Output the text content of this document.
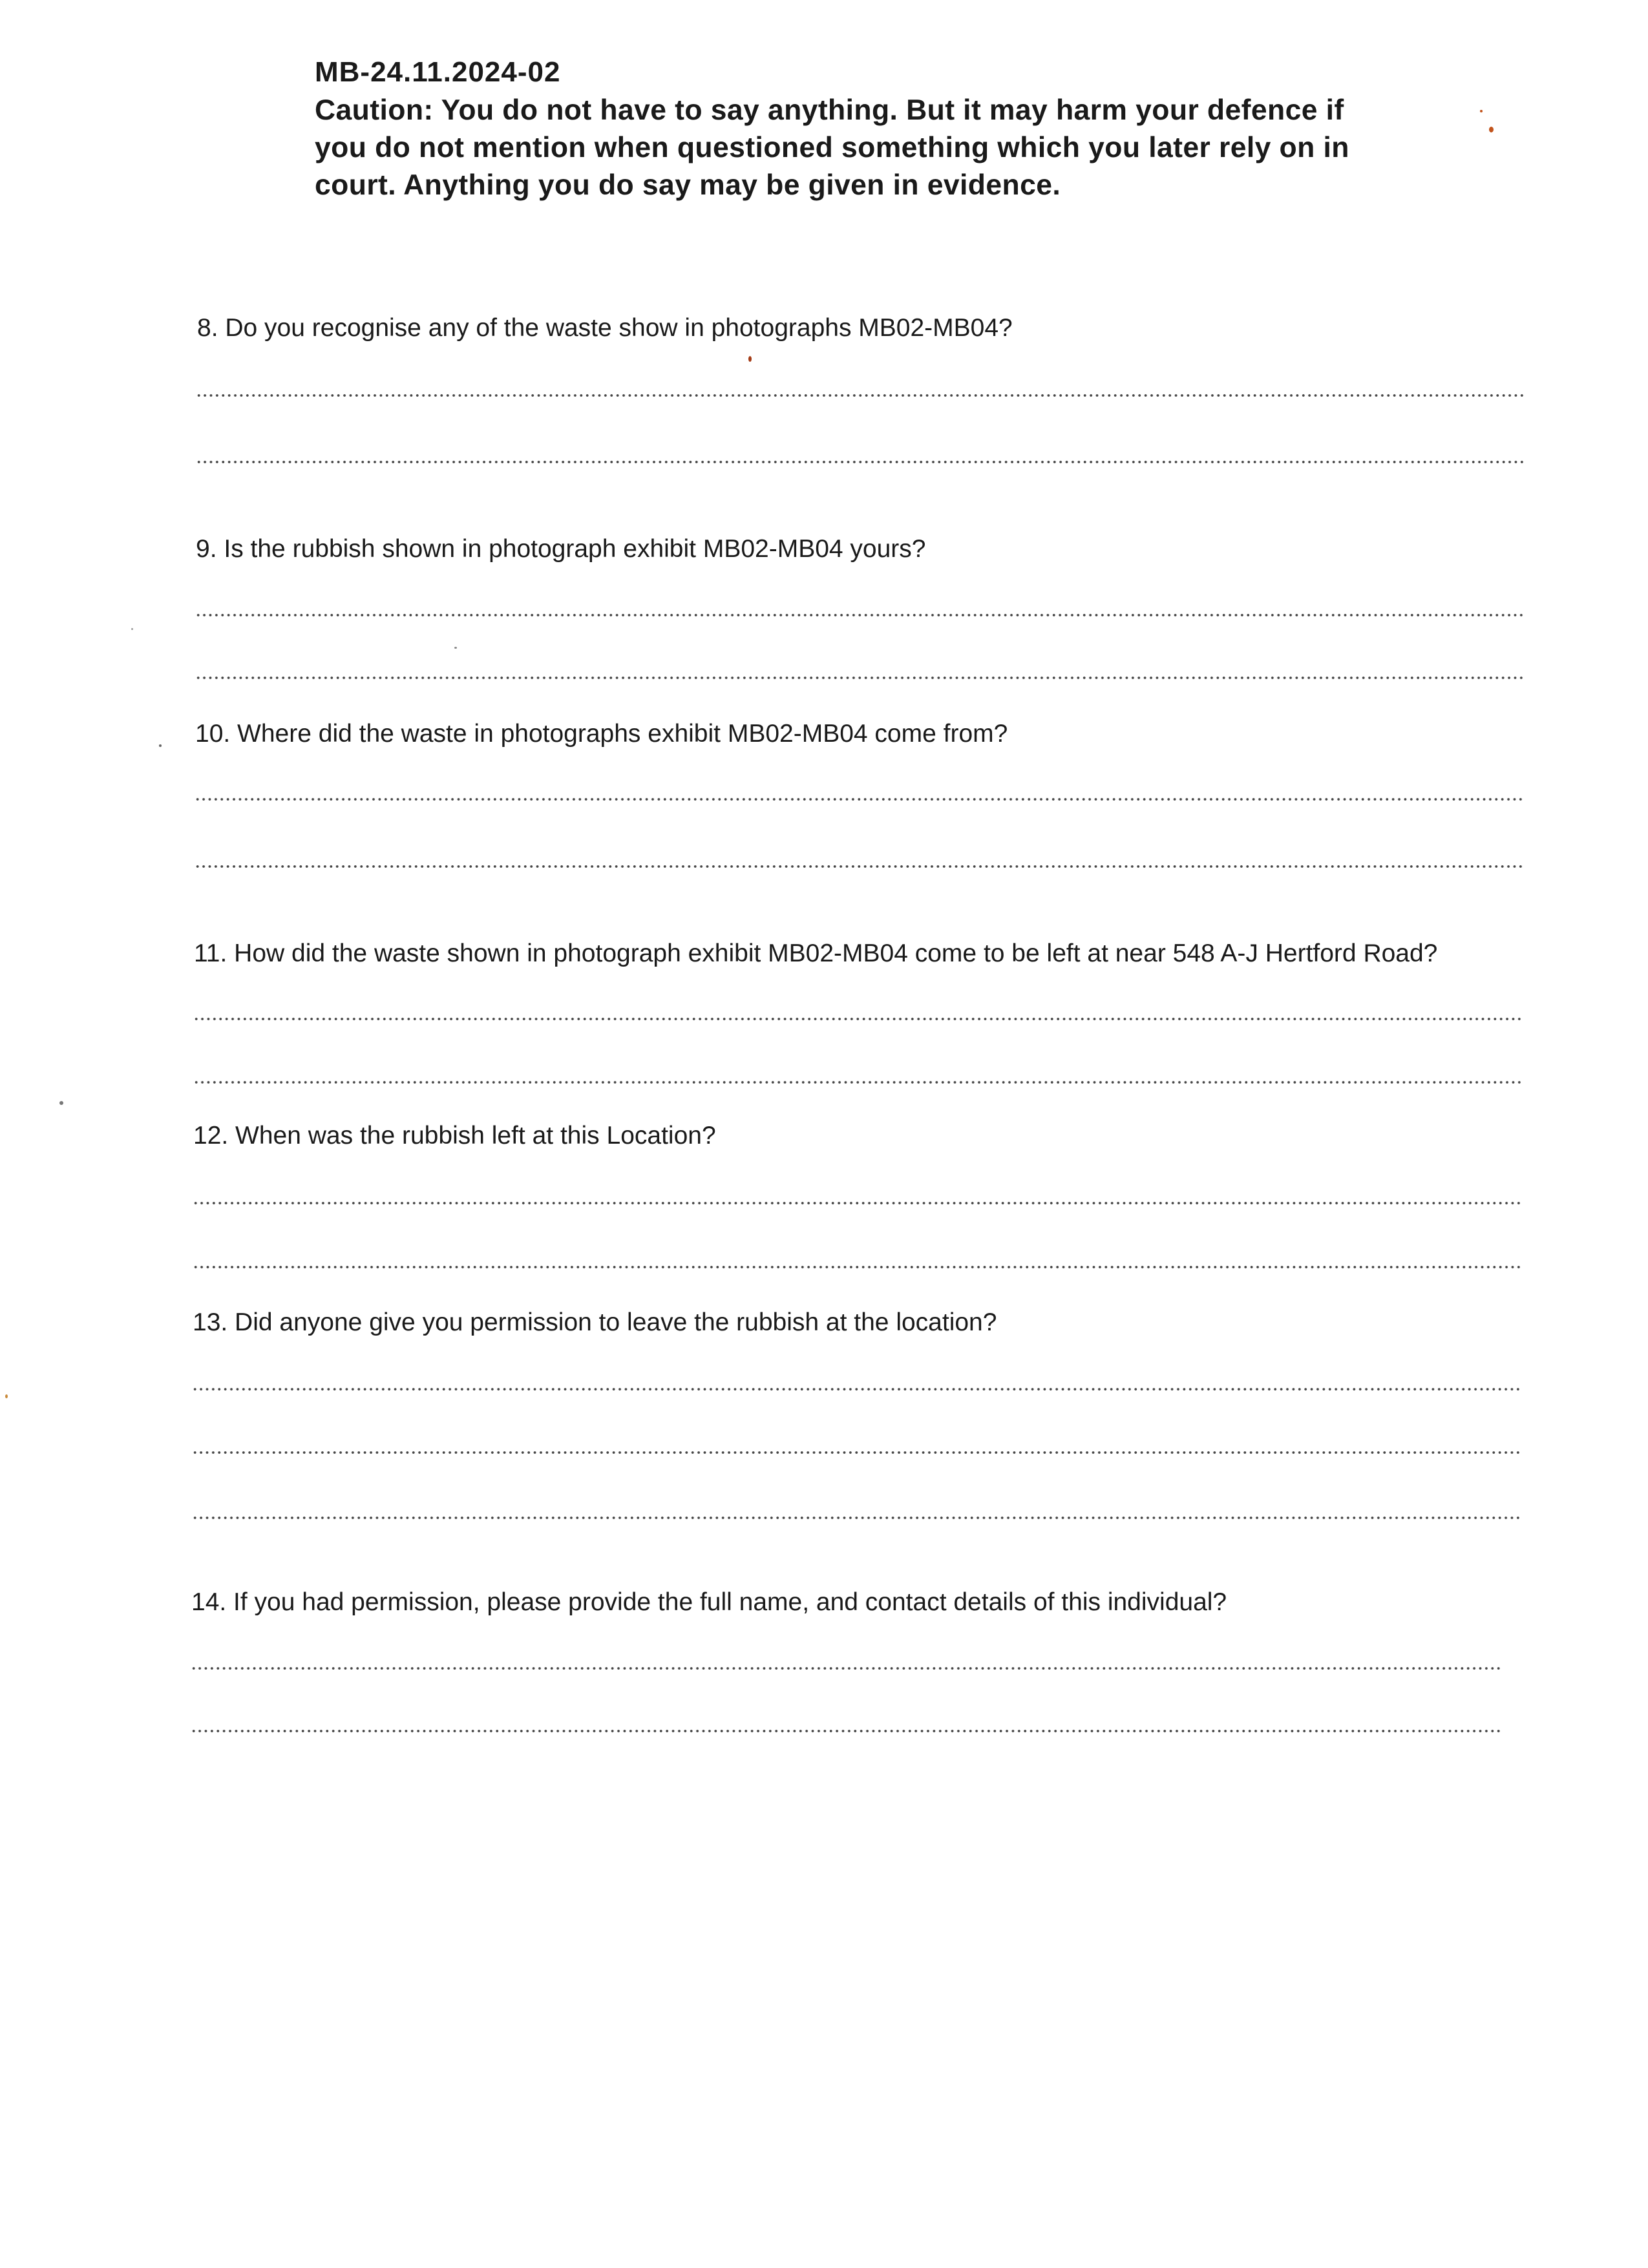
MB-24.11.2024-02
Caution: You do not have to say anything. But it may harm your defence if
you do not mention when questioned something which you later rely on in
court. Anything you do say may be given in evidence.
8. Do you recognise any of the waste show in photographs MB02-MB04?
9. Is the rubbish shown in photograph exhibit MB02-MB04 yours?
10. Where did the waste in photographs exhibit MB02-MB04 come from?
11. How did the waste shown in photograph exhibit MB02-MB04 come to be left at near 548 A-J Hertford Road?
12. When was the rubbish left at this Location?
13. Did anyone give you permission to leave the rubbish at the location?
14. If you had permission, please provide the full name, and contact details of this individual?
